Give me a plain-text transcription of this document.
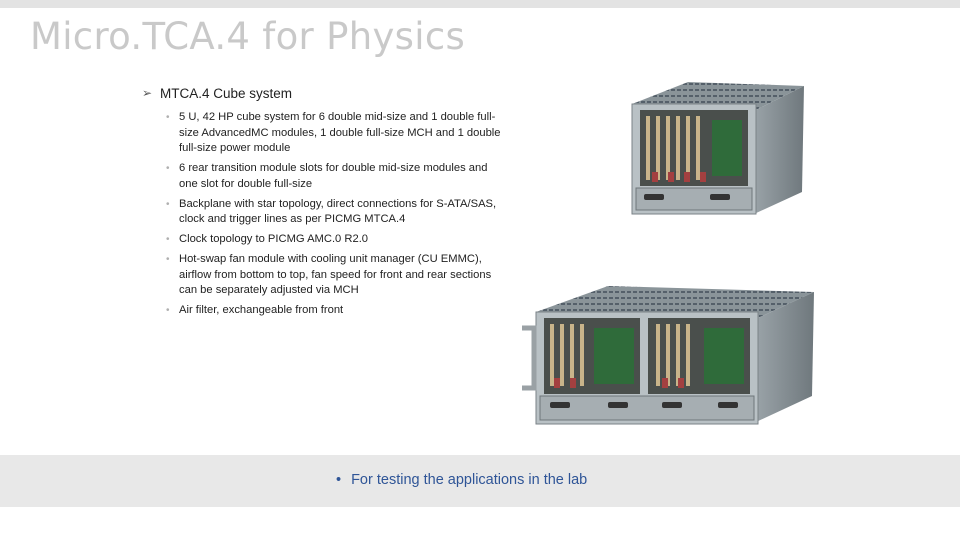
Micro.TCA.4 for Physics
➢ MTCA.4 Cube system
• 5 U, 42 HP cube system for 6 double mid-size and 1 double full-size AdvancedMC modules, 1 double full-size MCH and 1 double full-size power module
• 6 rear transition module slots for double mid-size modules and one slot for double full-size
• Backplane with star topology, direct connections for S-ATA/SAS, clock and trigger lines as per PICMG MTCA.4
• Clock topology to PICMG AMC.0 R2.0
• Hot-swap fan module with cooling unit manager (CU EMMC), airflow from bottom to top, fan speed for front and rear sections can be separately adjusted via MCH
• Air filter, exchangeable from front
• For testing the applications in the lab
